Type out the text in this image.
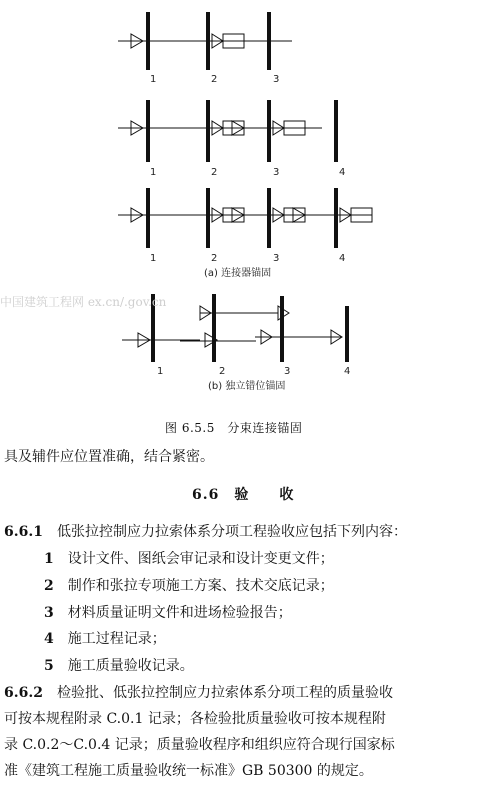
1	2	3
1	2	3	4
1	2	3	4
(a) 连接器锚固
中国建筑工程网 ex.cn/.gov.cn
1	2	3	4
(b) 独立错位锚固
图 6.5.5　分束连接锚固
具及辅件应位置准确，结合紧密。
6.6　验　　收
6.6.1　低张拉控制应力拉索体系分项工程验收应包括下列内容：
1　设计文件、图纸会审记录和设计变更文件；
2　制作和张拉专项施工方案、技术交底记录；
3　材料质量证明文件和进场检验报告；
4　施工过程记录；
5　施工质量验收记录。
6.6.2　检验批、低张拉控制应力拉索体系分项工程的质量验收
可按本规程附录 C.0.1 记录；各检验批质量验收可按本规程附
录 C.0.2～C.0.4 记录；质量验收程序和组织应符合现行国家标
准《建筑工程施工质量验收统一标准》GB 50300 的规定。
